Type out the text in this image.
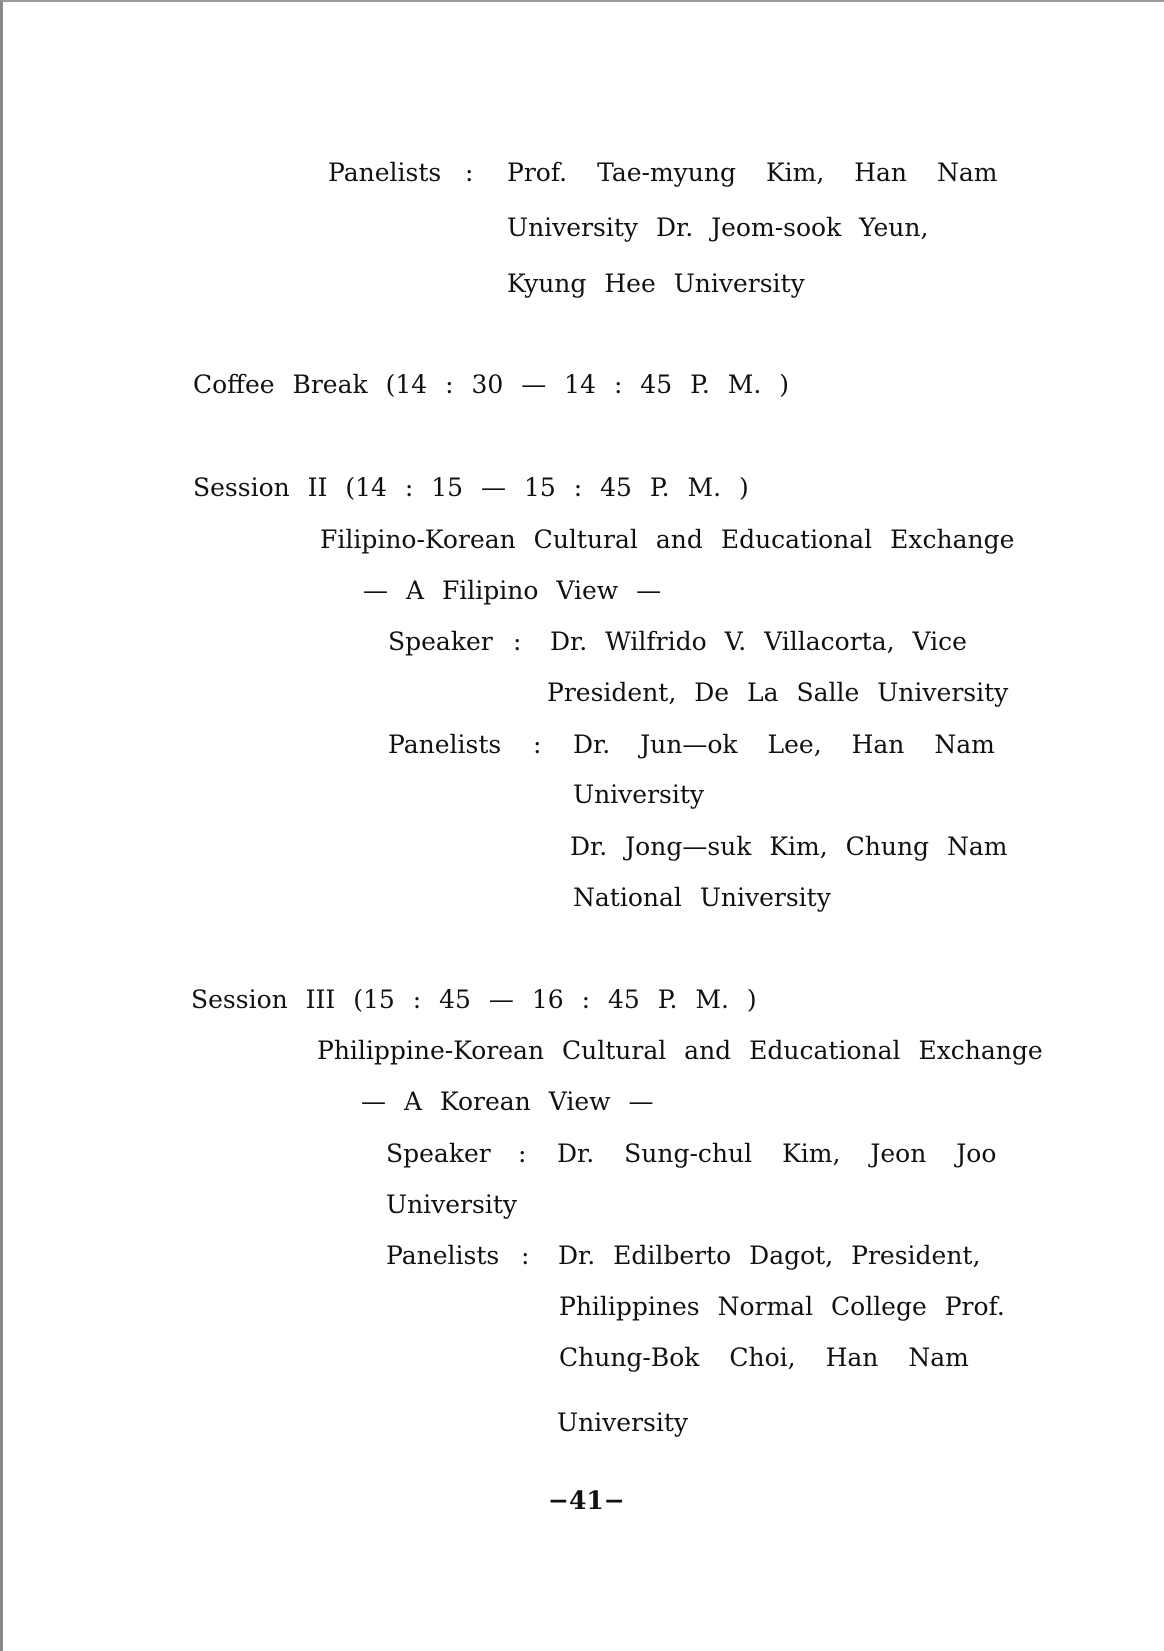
Panelists : Prof. Tae-myung Kim, Han Nam
University Dr. Jeom-sook Yeun,
Kyung Hee University
Coffee Break (14 : 30 — 14 : 45 P. M. )
Session II (14 : 15 — 15 : 45 P. M. )
Filipino-Korean Cultural and Educational Exchange
— A Filipino View —
Speaker : Dr. Wilfrido V. Villacorta, Vice
President, De La Salle University
Panelists : Dr. Jun—ok Lee, Han Nam
University
Dr. Jong—suk Kim, Chung Nam
National University
Session III (15 : 45 — 16 : 45 P. M. )
Philippine-Korean Cultural and Educational Exchange
— A Korean View —
Speaker : Dr. Sung-chul Kim, Jeon Joo
University
Panelists : Dr. Edilberto Dagot, President,
Philippines Normal College Prof.
Chung-Bok Choi, Han Nam
University
−41−
